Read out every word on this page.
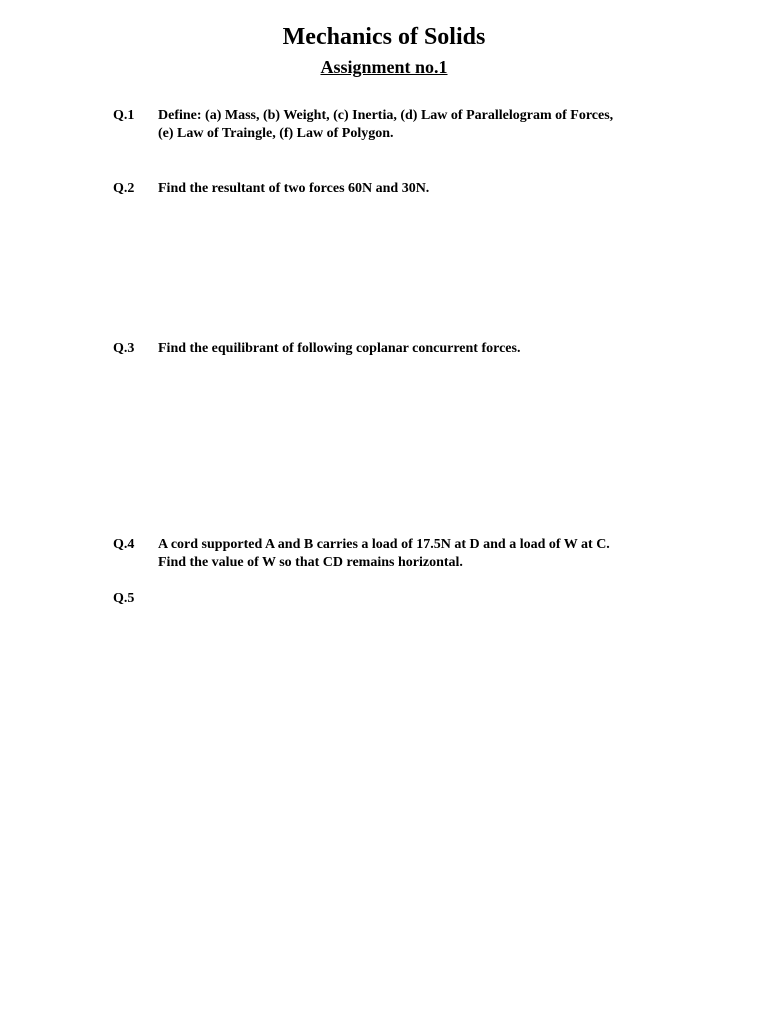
Mechanics of Solids
Assignment no.1
Q.1	Define: (a) Mass, (b) Weight, (c) Inertia, (d) Law of Parallelogram of Forces,
(e) Law of Traingle, (f) Law of Polygon.
Q.2	Find the resultant of two forces 60N and 30N.
Q.3	Find the equilibrant of following coplanar concurrent forces.
Q.4	A cord supported A and B carries a load of 17.5N at D and a load of W at C.
Find the value of W so that CD remains horizontal.
Q.5
